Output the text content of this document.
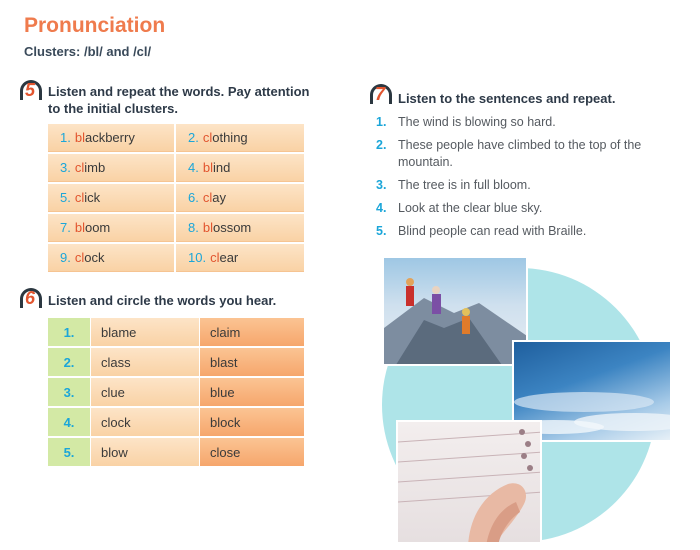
Pronunciation
Clusters: /bl/ and /cl/
5 Listen and repeat the words. Pay attention
to the initial clusters.
1. bl ackberry	2. cl othing
3. cl imb	4. bl ind
5. cl ick	6. cl ay
7. bl oom	8. bl ossom
9. cl ock	10. cl ear
6 Listen and circle the words you hear.
1.	blame	claim
2.	class	blast
3.	clue	blue
4.	clock	block
5.	blow	close
7 Listen to the sentences and repeat.
1. The wind is blowing so hard.
2. These people have climbed to the top of the mountain.
3. The tree is in full bloom.
4. Look at the clear blue sky.
5. Blind people can read with Braille.
